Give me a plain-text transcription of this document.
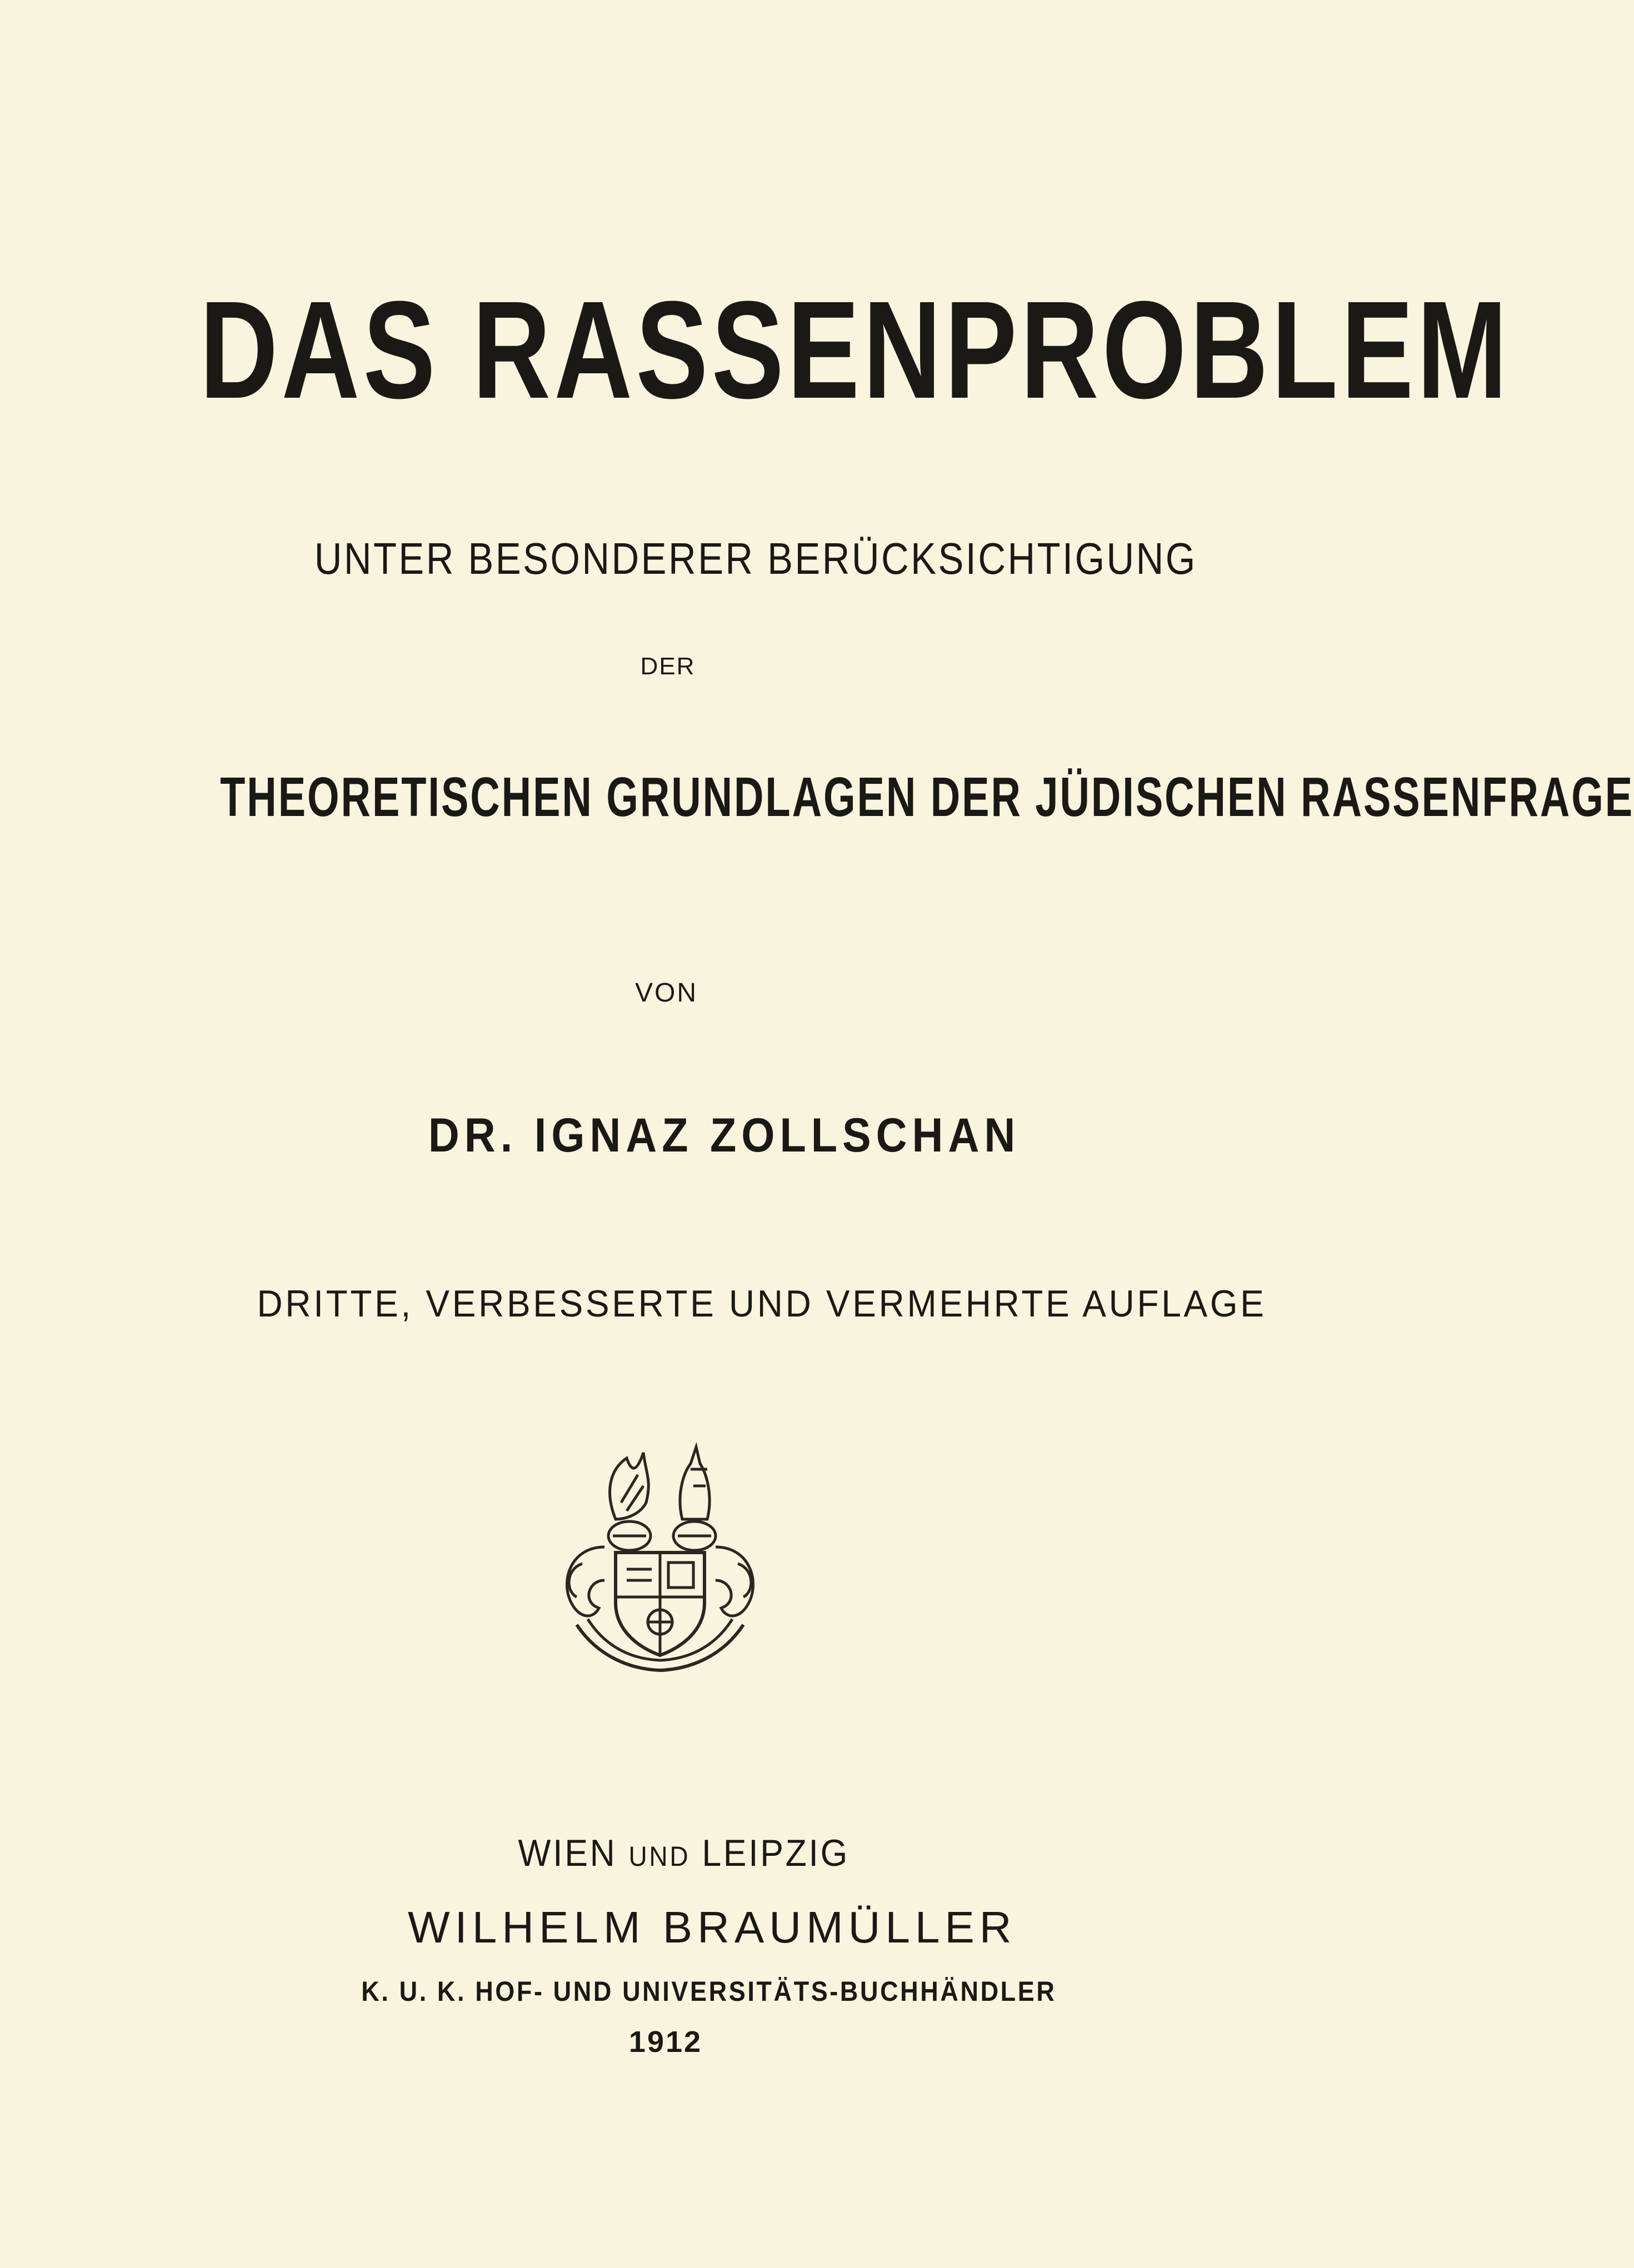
DAS RASSENPROBLEM
UNTER BESONDERER BERÜCKSICHTIGUNG
DER
THEORETISCHEN GRUNDLAGEN DER JÜDISCHEN RASSENFRAGE
VON
DR. IGNAZ ZOLLSCHAN
DRITTE, VERBESSERTE UND VERMEHRTE AUFLAGE
WIEN UND LEIPZIG
WILHELM BRAUMÜLLER
K. U. K. HOF- UND UNIVERSITÄTS-BUCHHÄNDLER
1912
